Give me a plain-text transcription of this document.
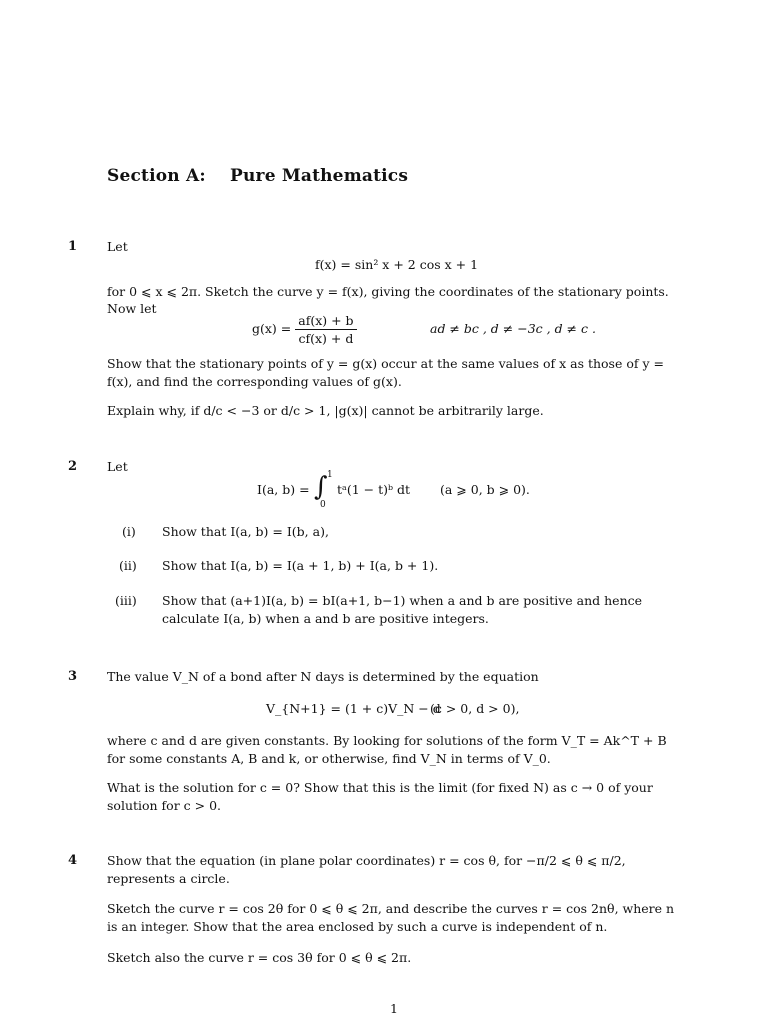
Section A: Pure Mathematics
1 Let
f(x) = sin² x + 2 cos x + 1
for 0 ⩽ x ⩽ 2π. Sketch the curve y = f(x), giving the coordinates of the stationary points.
Now let
$g(x) = \frac{af(x) + b}{cf(x) + d}$	ad ≠ bc , d ≠ −3c , d ≠ c .
Show that the stationary points of y = g(x) occur at the same values of x as those of y = f(x), and find the corresponding values of g(x).
Explain why, if d/c < −3 or d/c > 1, |g(x)| cannot be arbitrarily large.
2 Let
I(a, b) = ∫ 1
0
tᵃ(1 − t)ᵇ dt (a ⩾ 0, b ⩾ 0).
(i) Show that I(a, b) = I(b, a),
(ii) Show that I(a, b) = I(a + 1, b) + I(a, b + 1).
(iii) Show that (a+1)I(a, b) = bI(a+1, b−1) when a and b are positive and hence calculate I(a, b) when a and b are positive integers.
3 The value V_N of a bond after N days is determined by the equation
V_{N+1} = (1 + c)V_N − d
(c > 0, d > 0),
where c and d are given constants. By looking for solutions of the form V_T = Ak^T + B for some constants A, B and k, or otherwise, find V_N in terms of V_0.
What is the solution for c = 0? Show that this is the limit (for fixed N) as c → 0 of your solution for c > 0.
4 Show that the equation (in plane polar coordinates) r = cos θ, for −π/2 ⩽ θ ⩽ π/2, represents a circle.
Sketch the curve r = cos 2θ for 0 ⩽ θ ⩽ 2π, and describe the curves r = cos 2nθ, where n is an integer. Show that the area enclosed by such a curve is independent of n.
Sketch also the curve r = cos 3θ for 0 ⩽ θ ⩽ 2π.
1
